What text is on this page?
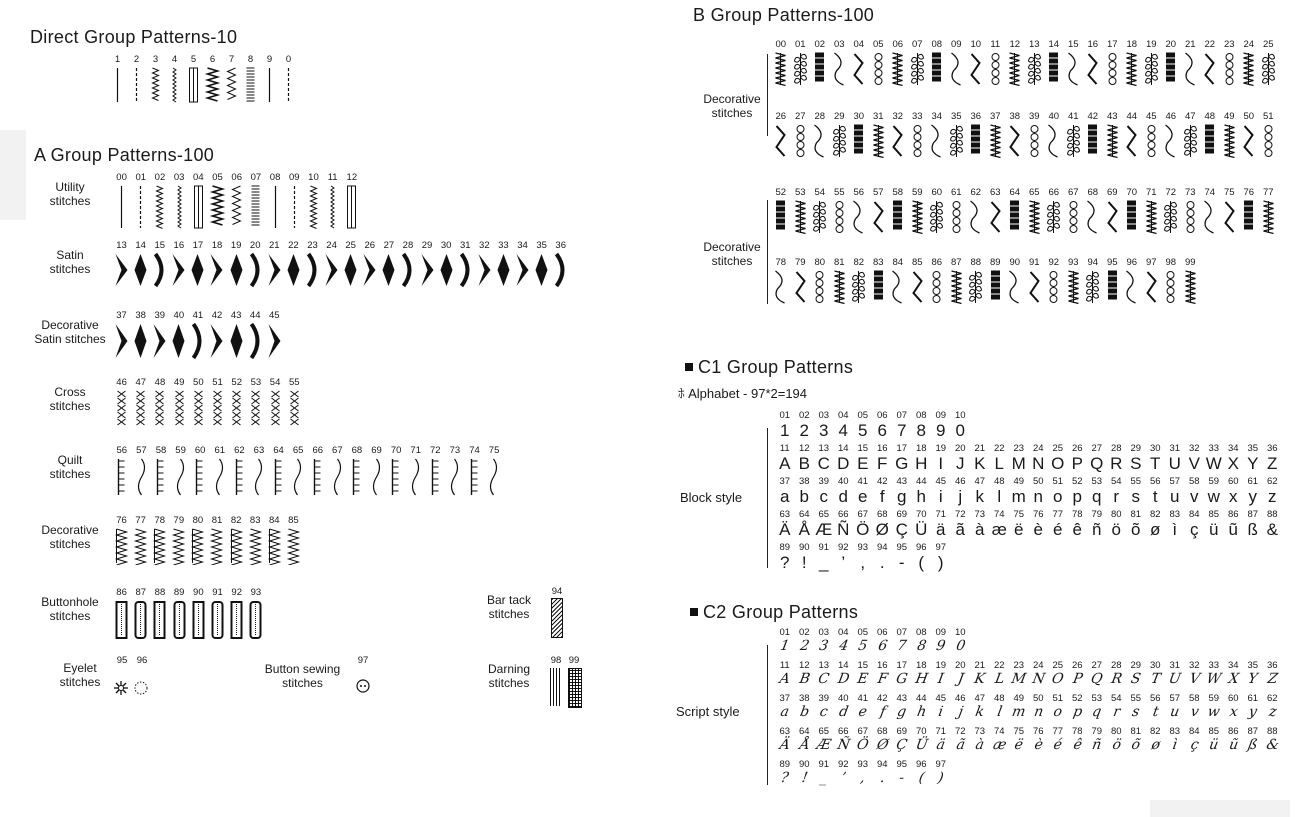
Direct Group Patterns-10
1	2	3	4	5	6	7	8	9	0
A Group Patterns-100
Utility
stitches
00 01 02 03 04 05 06 07 08 09 10 11 12
Satin
stitches
13 14 15 16 17 18 19 20 21 22 23 24 25 26 27 28 29 30 31 32 33 34 35 36
Decorative
Satin stitches
37 38 39 40 41 42 43 44 45
Cross
stitches
46 47 48 49 50 51 52 53 54 55
Quilt
stitches
56 57 58 59 60 61 62 63 64 65 66 67 68 69 70 71 72 73 74 75
Decorative
stitches
76 77 78 79 80 81 82 83 84 85
Buttonhole
stitches
86 87 88 89 90 91 92 93
Bar tack
stitches
94
Eyelet
stitches
95 96
Button sewing
stitches
97
Darning
stitches
98 99
B Group Patterns-100
Decorative
stitches
Decorative
stitches
00 01 02 03 04 05 06 07 08 09 10 11 12 13 14 15 16 17 18 19 20 21 22 23 24 25
26 27 28 29 30 31 32 33 34 35 36 37 38 39 40 41 42 43 44 45 46 47 48 49 50 51
52 53 54 55 56 57 58 59 60 61 62 63 64 65 66 67 68 69 70 71 72 73 74 75 76 77
78 79 80 81 82 83 84 85 86 87 88 89 90 91 92 93 94 95 96 97 98 99
C1 Group Patterns
ﾎ Alphabet - 97*2=194
Block style
01 02 03 04 05 06 07 08 09 10
1 2 3 4 5 6 7 8 9 0
11 12 13 14 15 16 17 18 19 20 21 22 23 24 25 26 27 28 29 30 31 32 33 34 35 36
A B C D E F G H I J K L M N O P Q R S T U V W X Y Z
37 38 39 40 41 42 43 44 45 46 47 48 49 50 51 52 53 54 55 56 57 58 59 60 61 62
a b c d e f g h i j k l m n o p q r s t u v w x y z
63 64 65 66 67 68 69 70 71 72 73 74 75 76 77 78 79 80 81 82 83 84 85 86 87 88
Ä Å Æ Ñ Ö Ø Ç Ü ä ã à æ ë è é ê ñ ö õ ø ì ç ü ũ ß &
89 90 91 92 93 94 95 96 97
? ! _ ’ , . - ( )
C2 Group Patterns
Script style
01 02 03 04 05 06 07 08 09 10
1 2 3 4 5 6 7 8 9 0
11 12 13 14 15 16 17 18 19 20 21 22 23 24 25 26 27 28 29 30 31 32 33 34 35 36
A B C D E F G H I J K L M N O P Q R S T U V W X Y Z
37 38 39 40 41 42 43 44 45 46 47 48 49 50 51 52 53 54 55 56 57 58 59 60 61 62
a b c d e f g h i j k l m n o p q r s t u v w x y z
63 64 65 66 67 68 69 70 71 72 73 74 75 76 77 78 79 80 81 82 83 84 85 86 87 88
Ä Å Æ Ñ Ö Ø Ç Ü ä ã à æ ë è é ê ñ ö õ ø ì ç ü ũ ß &
89 90 91 92 93 94 95 96 97
? ! _ ’ , . - ( )
